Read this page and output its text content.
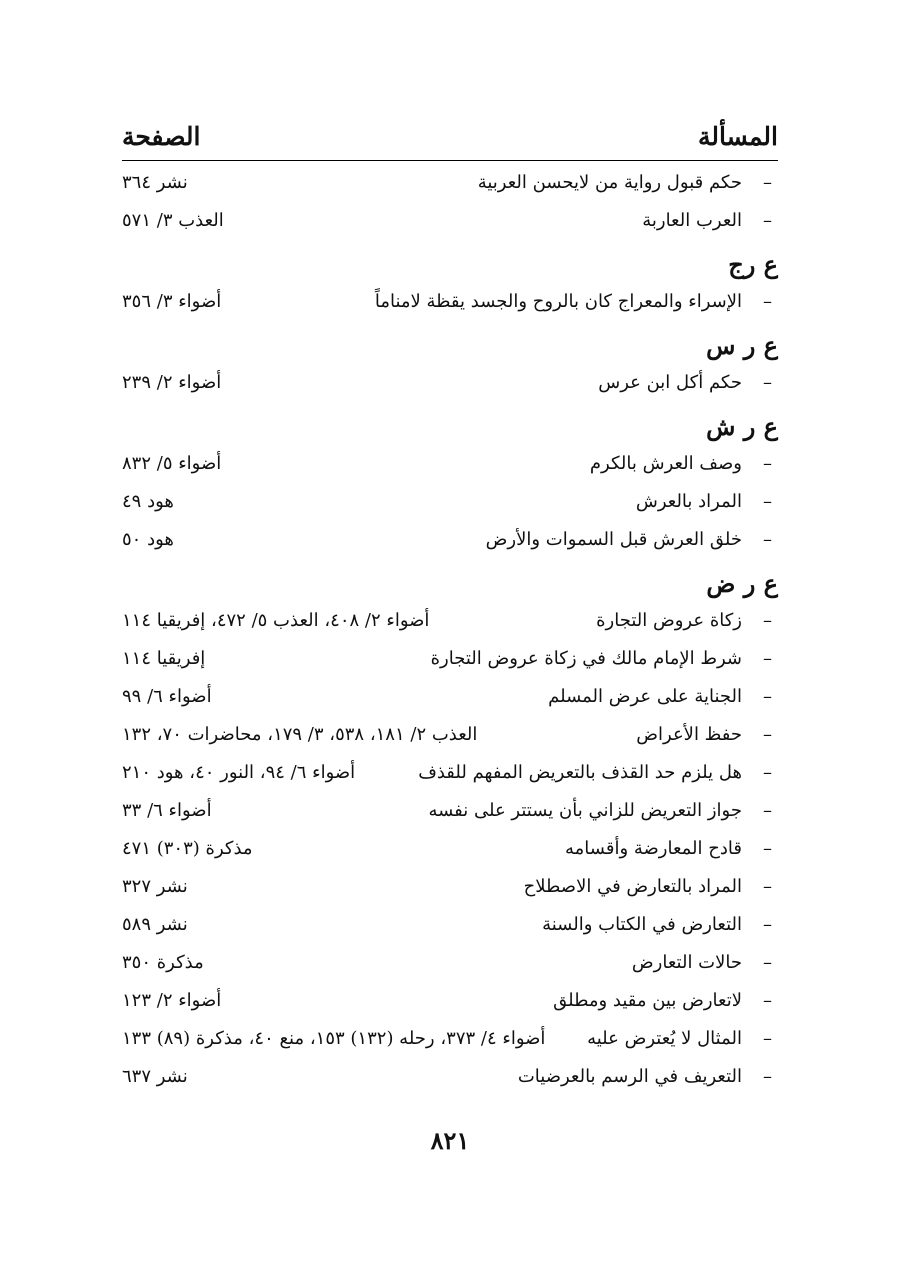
المسألة
الصفحة
–
حكم قبول رواية من لايحسن العربية
نشر ٣٦٤
–
العرب العاربة
العذب ٣/ ٥٧١
ع رج
–
الإسراء والمعراج كان بالروح والجسد يقظة لامناماً
أضواء ٣/ ٣٥٦
ع ر س
–
حكم أكل ابن عرس
أضواء ٢/ ٢٣٩
ع ر ش
–
وصف العرش بالكرم
أضواء ٥/ ٨٣٢
–
المراد بالعرش
هود ٤٩
–
خلق العرش قبل السموات والأرض
هود ٥٠
ع ر ض
–
زكاة عروض التجارة
أضواء ٢/ ٤٠٨، العذب ٥/ ٤٧٢، إفريقيا ١١٤
–
شرط الإمام مالك في زكاة عروض التجارة
إفريقيا ١١٤
–
الجناية على عرض المسلم
أضواء ٦/ ٩٩
–
حفظ الأعراض
العذب ٢/ ١٨١، ٥٣٨، ٣/ ١٧٩، محاضرات ٧٠، ١٣٢
–
هل يلزم حد القذف بالتعريض المفهم للقذف
أضواء ٦/ ٩٤، النور ٤٠، هود ٢١٠
–
جواز التعريض للزاني بأن يستتر على نفسه
أضواء ٦/ ٣٣
–
قادح المعارضة وأقسامه
مذكرة (٣٠٣) ٤٧١
–
المراد بالتعارض في الاصطلاح
نشر ٣٢٧
–
التعارض في الكتاب والسنة
نشر ٥٨٩
–
حالات التعارض
مذكرة ٣٥٠
–
لاتعارض بين مقيد ومطلق
أضواء ٢/ ١٢٣
–
المثال لا يُعترض عليه
أضواء ٤/ ٣٧٣، رحله (١٣٢) ١٥٣، منع ٤٠، مذكرة (٨٩) ١٣٣
–
التعريف في الرسم بالعرضيات
نشر ٦٣٧
٨٢١
